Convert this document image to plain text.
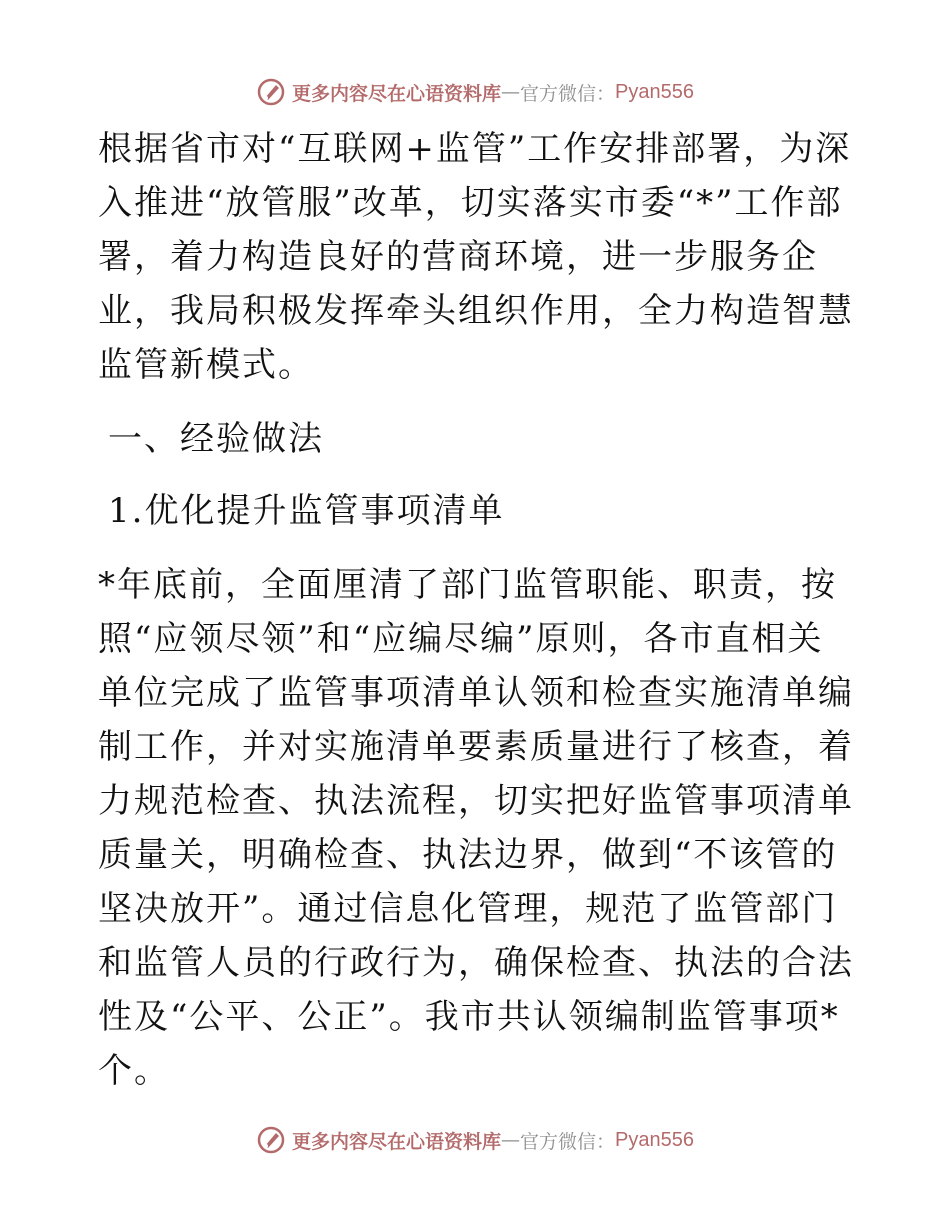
更多内容尽在心语资料库 — 官方微信： Pyan556

根据省市对“互联网+监管”工作安排部署，为深入推进“放管服”改革，切实落实市委“*”工作部署，着力构造良好的营商环境，进一步服务企业，我局积极发挥牵头组织作用，全力构造智慧监管新模式。

一、经验做法

1.优化提升监管事项清单

*年底前，全面厘清了部门监管职能、职责，按照“应领尽领”和“应编尽编”原则，各市直相关单位完成了监管事项清单认领和检查实施清单编制工作，并对实施清单要素质量进行了核查，着力规范检查、执法流程，切实把好监管事项清单质量关，明确检查、执法边界，做到“不该管的坚决放开”。通过信息化管理，规范了监管部门和监管人员的行政行为，确保检查、执法的合法性及“公平、公正”。我市共认领编制监管事项*个。

更多内容尽在心语资料库 — 官方微信： Pyan556
